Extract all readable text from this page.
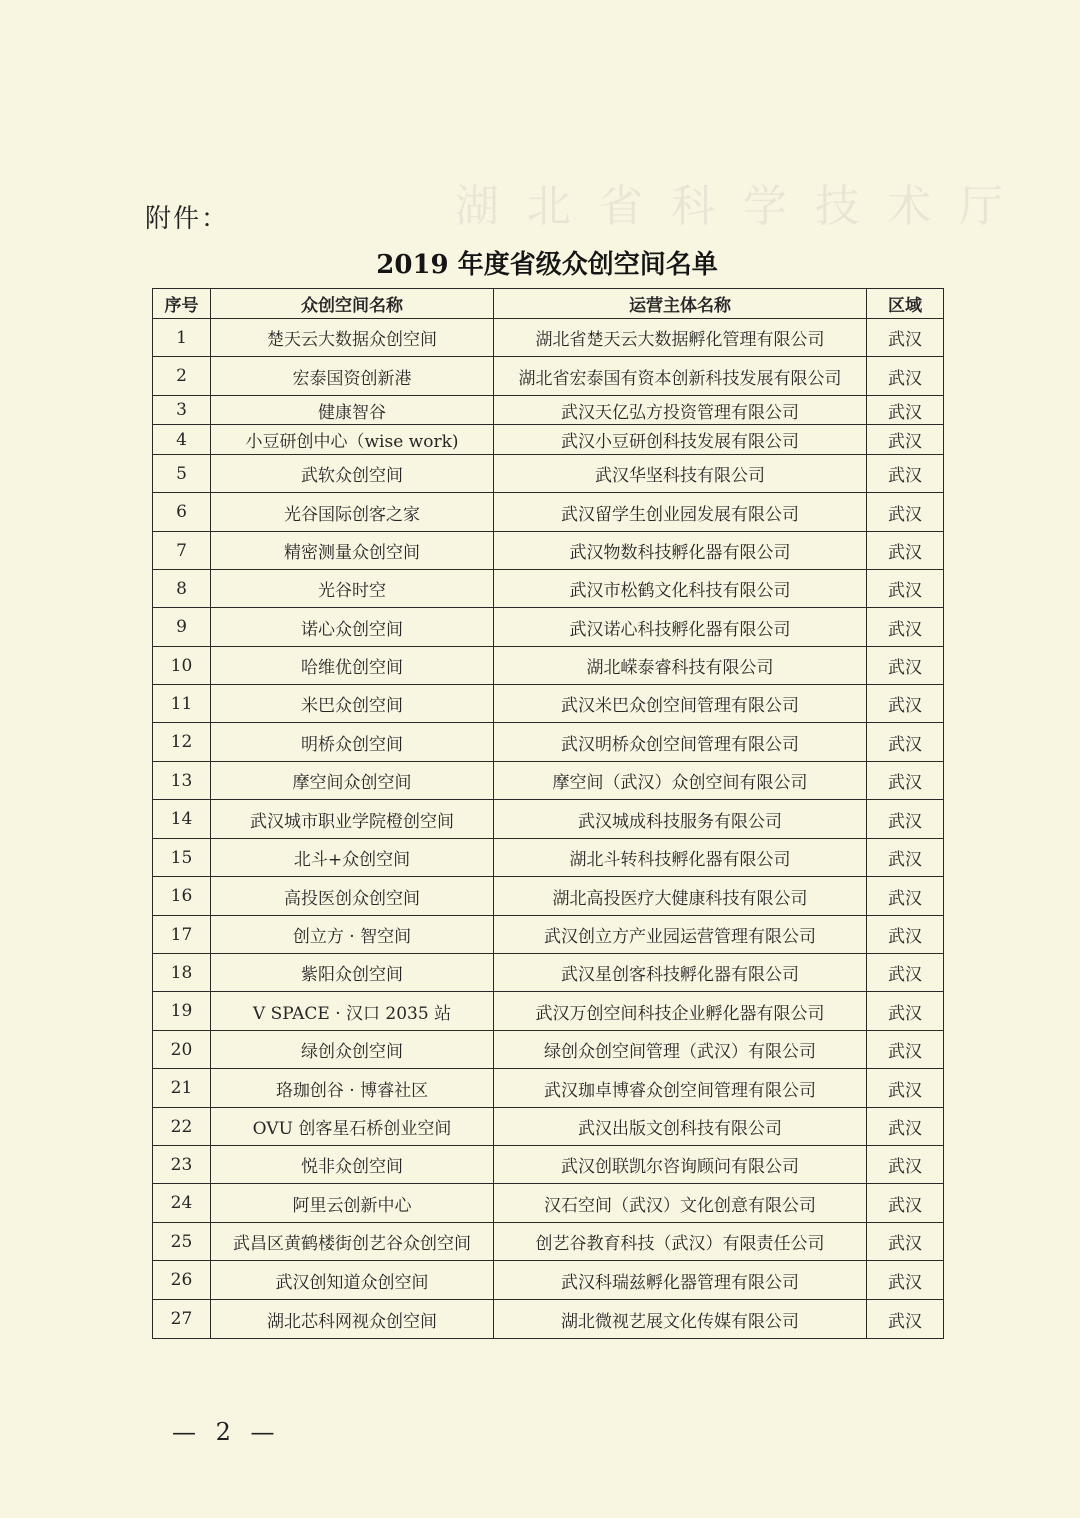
湖北省科学技术厅
附件：
2019 年度省级众创空间名单
序号	众创空间名称	运营主体名称	区域
1	楚天云大数据众创空间	湖北省楚天云大数据孵化管理有限公司	武汉
2	宏泰国资创新港	湖北省宏泰国有资本创新科技发展有限公司	武汉
3	健康智谷	武汉天亿弘方投资管理有限公司	武汉
4	小豆研创中心（wise work)	武汉小豆研创科技发展有限公司	武汉
5	武软众创空间	武汉华坚科技有限公司	武汉
6	光谷国际创客之家	武汉留学生创业园发展有限公司	武汉
7	精密测量众创空间	武汉物数科技孵化器有限公司	武汉
8	光谷时空	武汉市松鹤文化科技有限公司	武汉
9	诺心众创空间	武汉诺心科技孵化器有限公司	武汉
10	哈维优创空间	湖北嵘泰睿科技有限公司	武汉
11	米巴众创空间	武汉米巴众创空间管理有限公司	武汉
12	明桥众创空间	武汉明桥众创空间管理有限公司	武汉
13	摩空间众创空间	摩空间（武汉）众创空间有限公司	武汉
14	武汉城市职业学院橙创空间	武汉城成科技服务有限公司	武汉
15	北斗+众创空间	湖北斗转科技孵化器有限公司	武汉
16	高投医创众创空间	湖北高投医疗大健康科技有限公司	武汉
17	创立方 · 智空间	武汉创立方产业园运营管理有限公司	武汉
18	紫阳众创空间	武汉星创客科技孵化器有限公司	武汉
19	V SPACE · 汉口 2035 站	武汉万创空间科技企业孵化器有限公司	武汉
20	绿创众创空间	绿创众创空间管理（武汉）有限公司	武汉
21	珞珈创谷 · 博睿社区	武汉珈卓博睿众创空间管理有限公司	武汉
22	OVU 创客星石桥创业空间	武汉出版文创科技有限公司	武汉
23	悦非众创空间	武汉创联凯尔咨询顾问有限公司	武汉
24	阿里云创新中心	汉石空间（武汉）文化创意有限公司	武汉
25	武昌区黄鹤楼街创艺谷众创空间	创艺谷教育科技（武汉）有限责任公司	武汉
26	武汉创知道众创空间	武汉科瑞兹孵化器管理有限公司	武汉
27	湖北芯科网视众创空间	湖北微视艺展文化传媒有限公司	武汉
— 2 —
